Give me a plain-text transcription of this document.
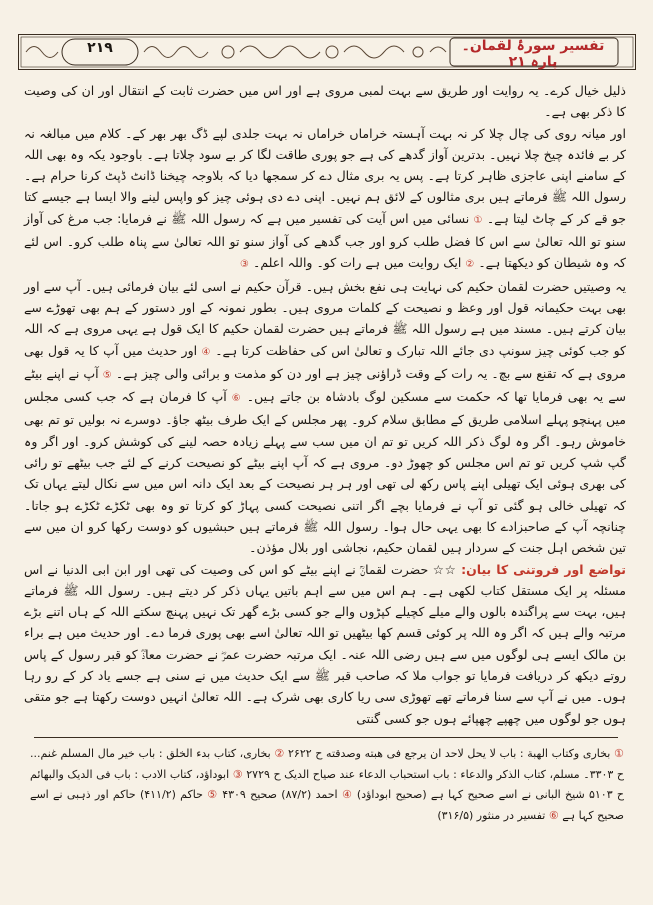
۲۱۹	تفسیر سورۂ لقمان۔ پارہ ۲۱

ذلیل خیال کرے۔ یہ روایت اور طریق سے بہت لمبی مروی ہے اور اس میں حضرت ثابت کے انتقال اور ان کی وصیت کا ذکر بھی ہے۔

اور میانہ روی کی چال چلا کر نہ بہت آہستہ خراماں خراماں نہ بہت جلدی لپے ڈگ بھر بھر کے۔ کلام میں مبالغہ نہ کر بے فائدہ چیخ چلا نہیں۔ بدترین آواز گدھے کی ہے جو پوری طاقت لگا کر بے سود چلاتا ہے۔ باوجود یکہ وہ بھی اللہ کے سامنے اپنی عاجزی ظاہر کرتا ہے۔ پس یہ بری مثال دے کر سمجھا دیا کہ بلاوجہ چیخنا ڈانٹ ڈپٹ کرنا حرام ہے۔ رسول اللہ ﷺ فرماتے ہیں بری مثالوں کے لائق ہم نہیں۔ اپنی دے دی ہوئی چیز کو واپس لینے والا ایسا ہے جیسے کتا جو قے کر کے چاٹ لیتا ہے۔ ① نسائی میں اس آیت کی تفسیر میں ہے کہ رسول اللہ ﷺ نے فرمایا: جب مرغ کی آواز سنو تو اللہ تعالیٰ سے اس کا فضل طلب کرو اور جب گدھے کی آواز سنو تو اللہ تعالیٰ سے پناہ طلب کرو۔ اس لئے کہ وہ شیطان کو دیکھتا ہے۔ ② ایک روایت میں ہے رات کو۔ واللہ اعلم۔ ③

یہ وصیتیں حضرت لقمان حکیم کی نہایت ہی نفع بخش ہیں۔ قرآن حکیم نے اسی لئے بیان فرمائی ہیں۔ آپ سے اور بھی بہت حکیمانہ قول اور وعظ و نصیحت کے کلمات مروی ہیں۔ بطور نمونہ کے اور دستور کے ہم بھی تھوڑے سے بیان کرتے ہیں۔ مسند میں ہے رسول اللہ ﷺ فرماتے ہیں حضرت لقمان حکیم کا ایک قول ہے یہی مروی ہے کہ اللہ کو جب کوئی چیز سونپ دی جائے اللہ تبارک و تعالیٰ اس کی حفاظت کرتا ہے۔ ④ اور حدیث میں آپ کا یہ قول بھی مروی ہے کہ تقنع سے بچ۔ یہ رات کے وقت ڈراؤنی چیز ہے اور دن کو مذمت و برائی والی چیز ہے۔ ⑤ آپ نے اپنے بیٹے سے یہ بھی فرمایا تھا کہ حکمت سے مسکین لوگ بادشاہ بن جاتے ہیں۔ ⑥ آپ کا فرمان ہے کہ جب کسی مجلس میں پہنچو پہلے اسلامی طریق کے مطابق سلام کرو۔ پھر مجلس کے ایک طرف بیٹھ جاؤ۔ دوسرے نہ بولیں تو تم بھی خاموش رہو۔ اگر وہ لوگ ذکر اللہ کریں تو تم ان میں سب سے پہلے زیادہ حصہ لینے کی کوشش کرو۔ اور اگر وہ گپ شپ کریں تو تم اس مجلس کو چھوڑ دو۔ مروی ہے کہ آپ اپنے بیٹے کو نصیحت کرنے کے لئے جب بیٹھے تو رائی کی بھری ہوئی ایک تھیلی اپنے پاس رکھ لی تھی اور ہر ہر نصیحت کے بعد ایک دانہ اس میں سے نکال لیتے یہاں تک کہ تھیلی خالی ہو گئی تو آپ نے فرمایا بچے اگر اتنی نصیحت کسی پہاڑ کو کرتا تو وہ بھی ٹکڑے ٹکڑے ہو جاتا۔ چنانچہ آپ کے صاحبزادے کا بھی یہی حال ہوا۔ رسول اللہ ﷺ فرماتے ہیں حبشیوں کو دوست رکھا کرو ان میں سے تین شخص اہل جنت کے سردار ہیں لقمان حکیم، نجاشی اور بلال مؤذن۔

تواضع اور فروتنی کا بیان: ☆☆ حضرت لقمانؒ نے اپنے بیٹے کو اس کی وصیت کی تھی اور ابن ابی الدنیا نے اس مسئلہ پر ایک مستقل کتاب لکھی ہے۔ ہم اس میں سے اہم باتیں یہاں ذکر کر دیتے ہیں۔ رسول اللہ ﷺ فرماتے ہیں، بہت سے پراگندہ بالوں والے میلے کچیلے کپڑوں والے جو کسی بڑے گھر تک نہیں پہنچ سکتے اللہ کے ہاں اتنے بڑے مرتبہ والے ہیں کہ اگر وہ اللہ پر کوئی قسم کھا بیٹھیں تو اللہ تعالیٰ اسے بھی پوری فرما دے۔ اور حدیث میں ہے براء بن مالک ایسے ہی لوگوں میں سے ہیں رضی اللہ عنہ۔ ایک مرتبہ حضرت عمرؓ نے حضرت معاذؓ کو قبر رسول کے پاس روتے دیکھ کر دریافت فرمایا تو جواب ملا کہ صاحب قبر ﷺ سے ایک حدیث میں نے سنی ہے جسے یاد کر کے رو رہا ہوں۔ میں نے آپ سے سنا فرماتے تھے تھوڑی سی ریا کاری بھی شرک ہے۔ اللہ تعالیٰ انہیں دوست رکھتا ہے جو متقی ہوں جو لوگوں میں چھپے چھپائے ہوں جو کسی گنتی

① بخاری وکتاب الھبة : باب لا یحل لاحد ان یرجع فی ھبته وصدقته ح ۲۶۲۲ ② بخاری، کتاب بدء الخلق : باب خیر مال المسلم غنم... ح ۳۳۰۳۔ مسلم، کتاب الذکر والدعاء : باب استحباب الدعاء عند صیاح الدیک ح ۲۷۲۹ ③ ابوداؤد، کتاب الادب : باب فی الدیک والبھائم ح ۵۱۰۳ شیخ البانی نے اسے صحیح کہا ہے (صحیح ابوداؤد) ④ احمد (۸۷/۲) صحیح ۴۳۰۹ ⑤ حاکم (۴۱۱/۲) حاکم اور ذہبی نے اسے صحیح کہا ہے ⑥ تفسیر در منثور (۳۱۶/۵)
